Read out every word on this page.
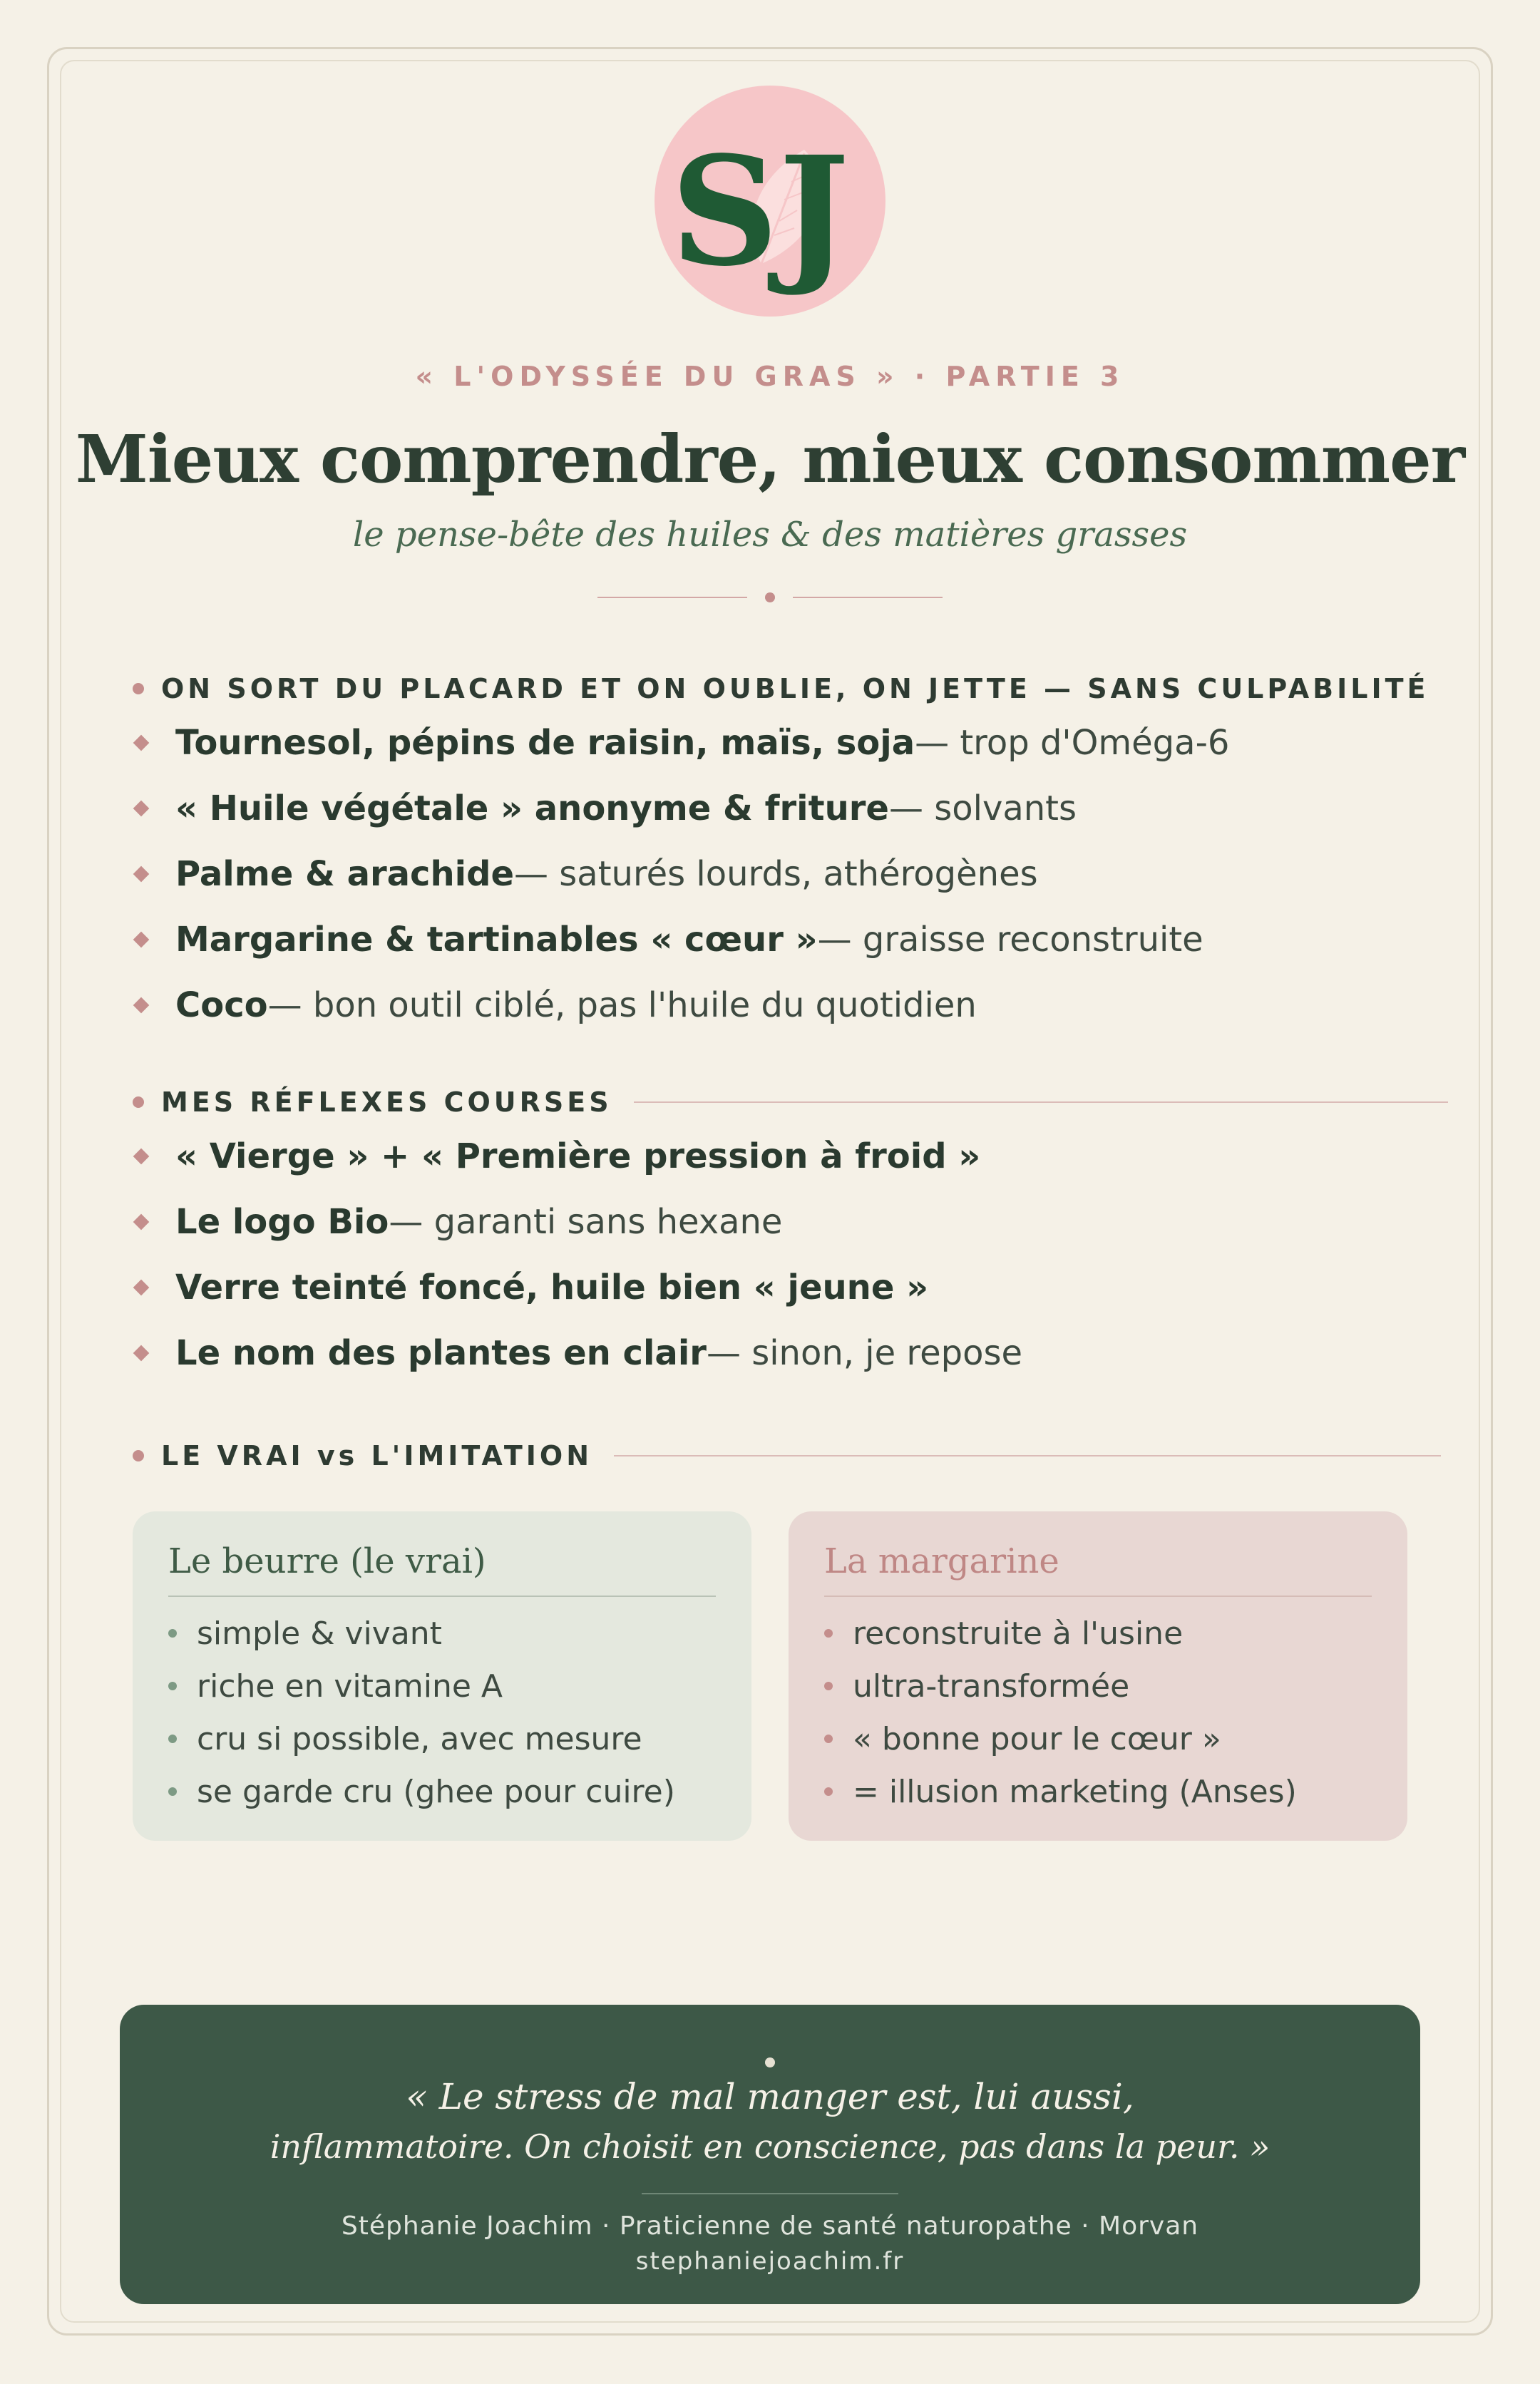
SJ
« L'ODYSSÉE DU GRAS » · PARTIE 3
Mieux comprendre, mieux consommer
le pense-bête des huiles & des matières grasses
ON SORT DU PLACARD ET ON OUBLIE, ON JETTE — SANS CULPABILITÉ
Tournesol, pépins de raisin, maïs, soja — trop d'Oméga-6
« Huile végétale » anonyme & friture — solvants
Palme & arachide — saturés lourds, athérogènes
Margarine & tartinables « cœur » — graisse reconstruite
Coco — bon outil ciblé, pas l'huile du quotidien
MES RÉFLEXES COURSES
« Vierge » + « Première pression à froid »
Le logo Bio — garanti sans hexane
Verre teinté foncé, huile bien « jeune »
Le nom des plantes en clair — sinon, je repose
LE VRAI vs L'IMITATION
Le beurre (le vrai)
simple & vivant
riche en vitamine A
cru si possible, avec mesure
se garde cru (ghee pour cuire)
La margarine
reconstruite à l'usine
ultra-transformée
« bonne pour le cœur »
= illusion marketing (Anses)
« Le stress de mal manger est, lui aussi,
inflammatoire. On choisit en conscience, pas dans la peur. »
Stéphanie Joachim · Praticienne de santé naturopathe · Morvan
stephaniejoachim.fr
